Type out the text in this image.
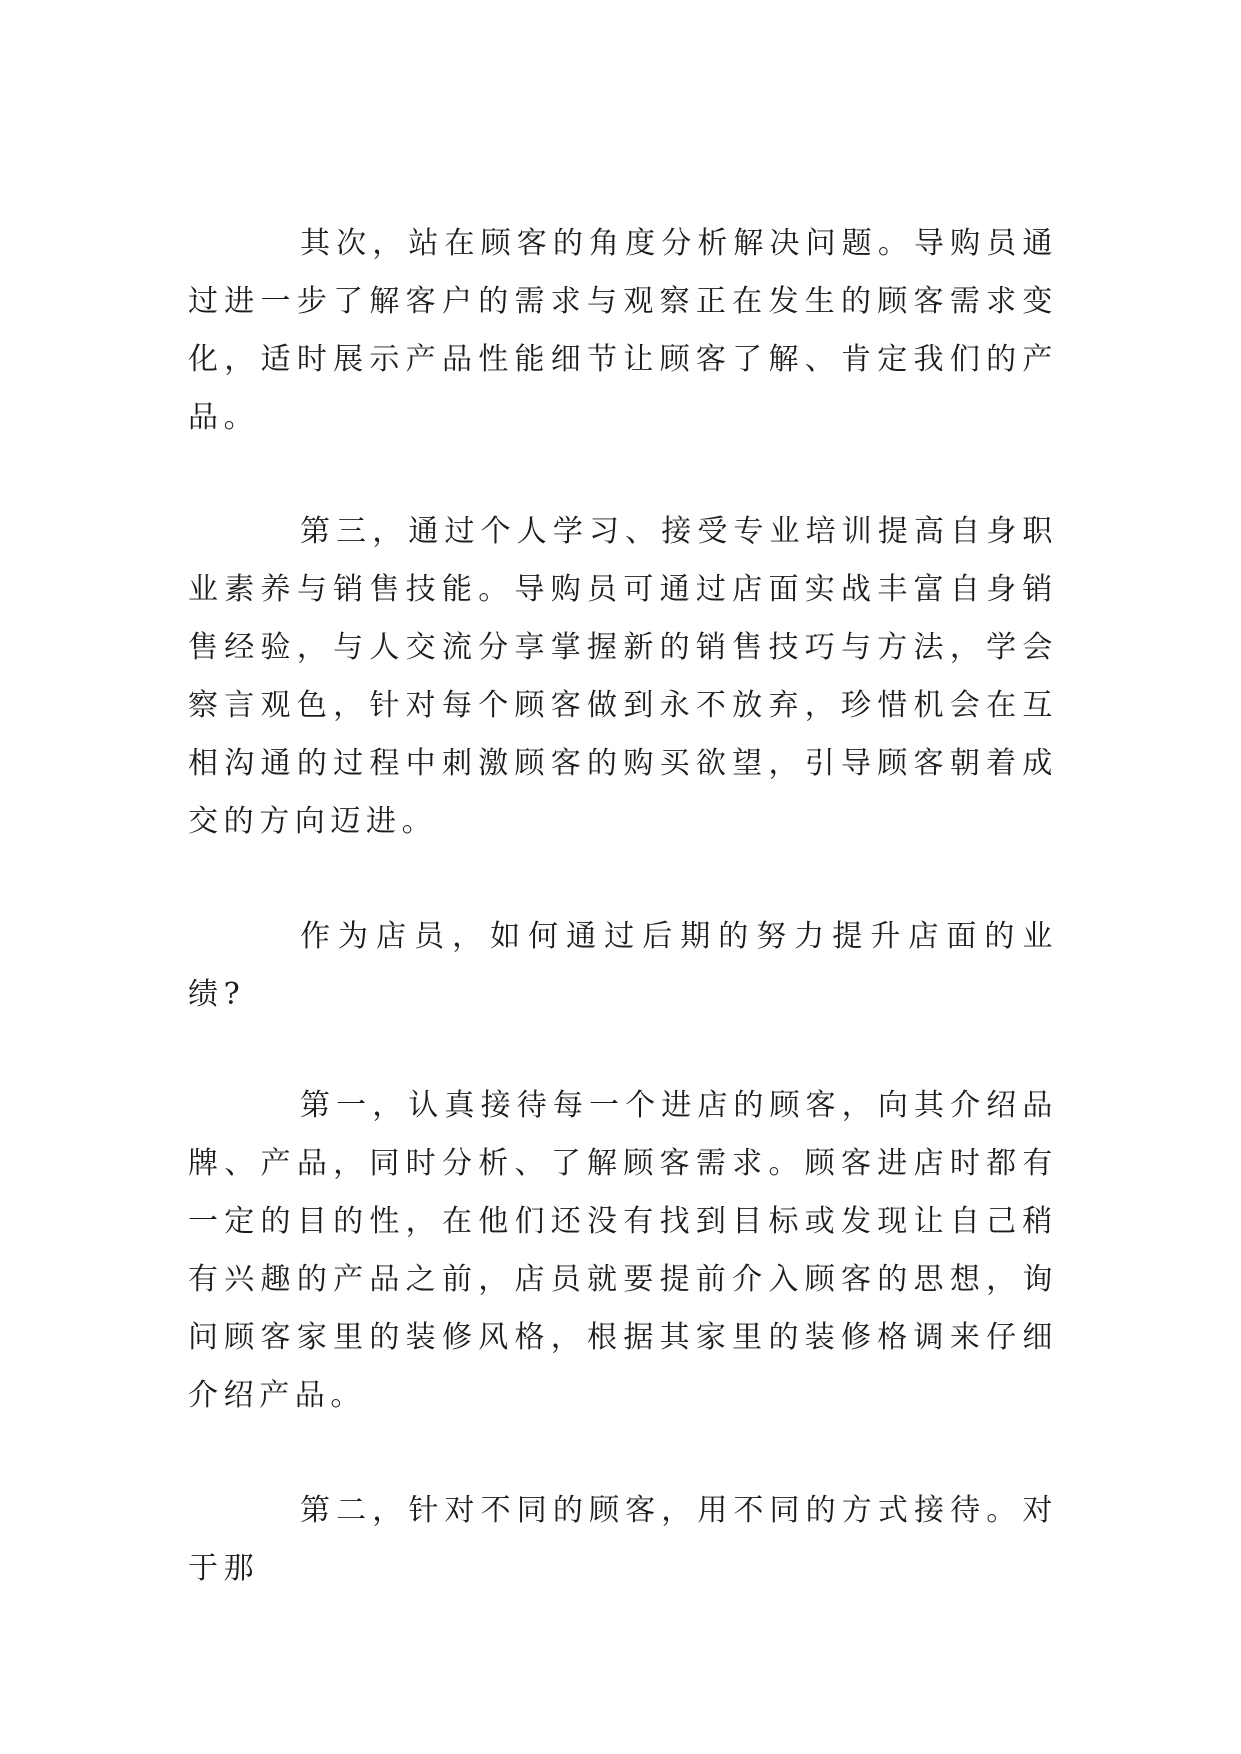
其次，站在顾客的角度分析解决问题。导购员通过进一步了解客户的需求与观察正在发生的顾客需求变化，适时展示产品性能细节让顾客了解、肯定我们的产品。

第三，通过个人学习、接受专业培训提高自身职业素养与销售技能。导购员可通过店面实战丰富自身销售经验，与人交流分享掌握新的销售技巧与方法，学会察言观色，针对每个顾客做到永不放弃，珍惜机会在互相沟通的过程中刺激顾客的购买欲望，引导顾客朝着成交的方向迈进。

作为店员，如何通过后期的努力提升店面的业绩?

第一，认真接待每一个进店的顾客，向其介绍品牌、产品，同时分析、了解顾客需求。顾客进店时都有一定的目的性，在他们还没有找到目标或发现让自己稍有兴趣的产品之前，店员就要提前介入顾客的思想，询问顾客家里的装修风格，根据其家里的装修格调来仔细介绍产品。

第二，针对不同的顾客，用不同的方式接待。对于那
